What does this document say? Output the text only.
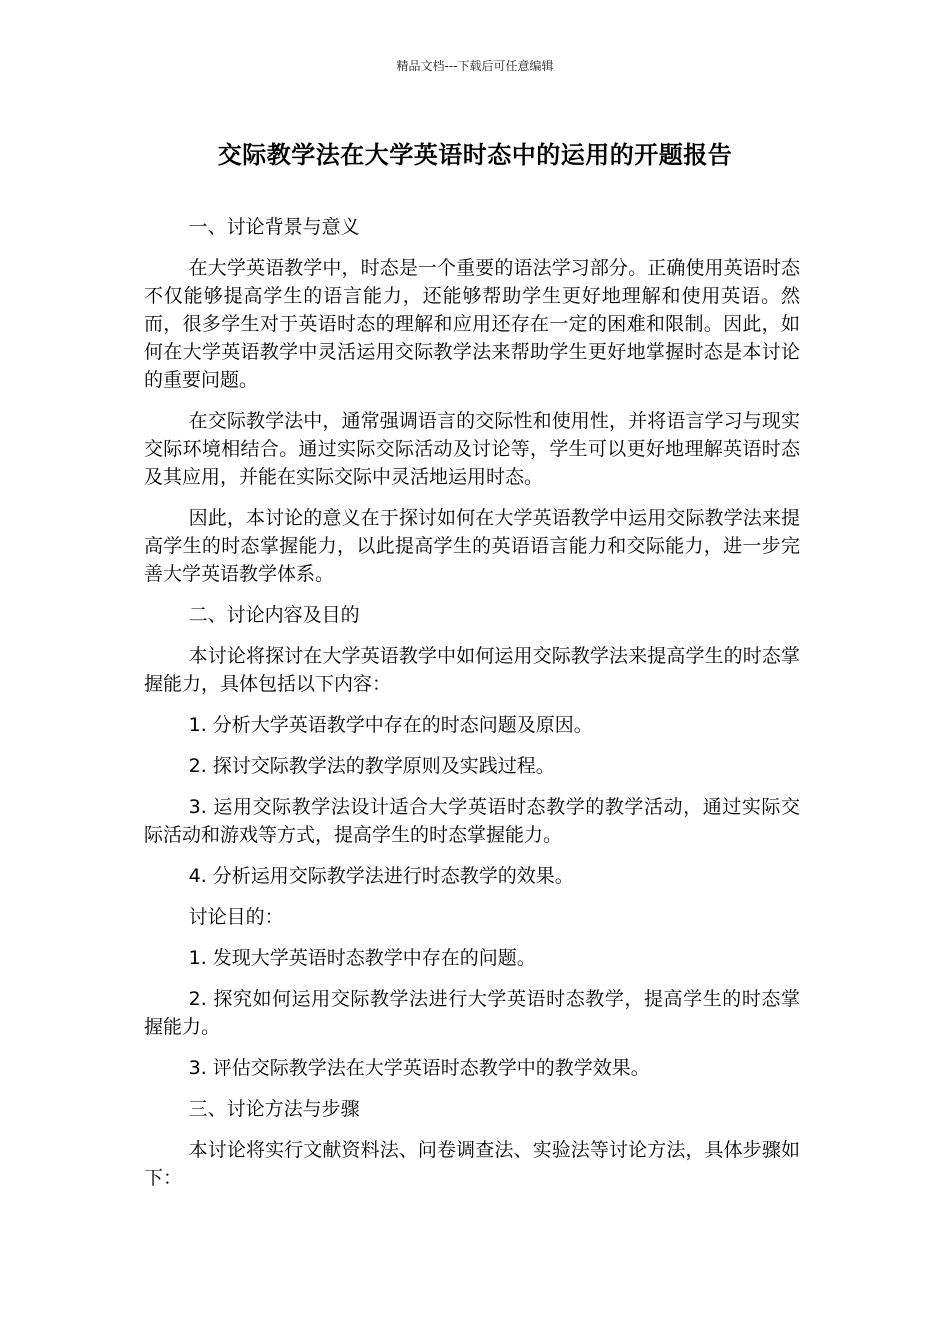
精品文档---下载后可任意编辑
交际教学法在大学英语时态中的运用的开题报告
一、讨论背景与意义

在大学英语教学中，时态是一个重要的语法学习部分。正确使用英语时态不仅能够提高学生的语言能力，还能够帮助学生更好地理解和使用英语。然而，很多学生对于英语时态的理解和应用还存在一定的困难和限制。因此，如何在大学英语教学中灵活运用交际教学法来帮助学生更好地掌握时态是本讨论的重要问题。

在交际教学法中，通常强调语言的交际性和使用性，并将语言学习与现实交际环境相结合。通过实际交际活动及讨论等，学生可以更好地理解英语时态及其应用，并能在实际交际中灵活地运用时态。

因此，本讨论的意义在于探讨如何在大学英语教学中运用交际教学法来提高学生的时态掌握能力，以此提高学生的英语语言能力和交际能力，进一步完善大学英语教学体系。

二、讨论内容及目的

本讨论将探讨在大学英语教学中如何运用交际教学法来提高学生的时态掌握能力，具体包括以下内容：

1. 分析大学英语教学中存在的时态问题及原因。

2. 探讨交际教学法的教学原则及实践过程。

3. 运用交际教学法设计适合大学英语时态教学的教学活动，通过实际交际活动和游戏等方式，提高学生的时态掌握能力。

4. 分析运用交际教学法进行时态教学的效果。

讨论目的：

1. 发现大学英语时态教学中存在的问题。

2. 探究如何运用交际教学法进行大学英语时态教学，提高学生的时态掌握能力。

3. 评估交际教学法在大学英语时态教学中的教学效果。

三、讨论方法与步骤

本讨论将实行文献资料法、问卷调查法、实验法等讨论方法，具体步骤如下：
